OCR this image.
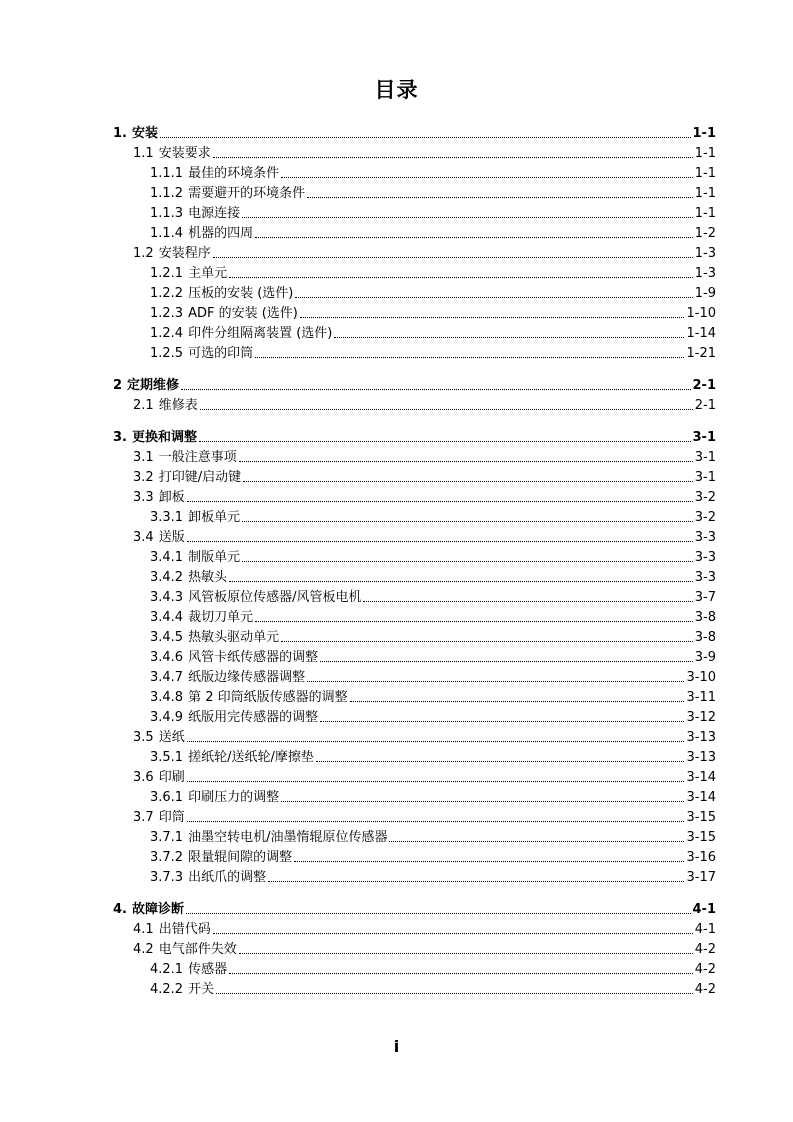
目录
1. 安装	1-1
1.1 安装要求	1-1
1.1.1 最佳的环境条件	1-1
1.1.2 需要避开的环境条件	1-1
1.1.3 电源连接	1-1
1.1.4 机器的四周	1-2
1.2 安装程序	1-3
1.2.1 主单元	1-3
1.2.2 压板的安装 (选件)	1-9
1.2.3 ADF 的安装 (选件)	1-10
1.2.4 印件分组隔离装置 (选件)	1-14
1.2.5 可选的印筒	1-21
2 定期维修	2-1
2.1 维修表	2-1
3. 更换和调整	3-1
3.1 一般注意事项	3-1
3.2 打印键/启动键	3-1
3.3 卸板	3-2
3.3.1 卸板单元	3-2
3.4 送版	3-3
3.4.1 制版单元	3-3
3.4.2 热敏头	3-3
3.4.3 风管板原位传感器/风管板电机	3-7
3.4.4 裁切刀单元	3-8
3.4.5 热敏头驱动单元	3-8
3.4.6 风管卡纸传感器的调整	3-9
3.4.7 纸版边缘传感器调整	3-10
3.4.8 第 2 印筒纸版传感器的调整	3-11
3.4.9 纸版用完传感器的调整	3-12
3.5 送纸	3-13
3.5.1 搓纸轮/送纸轮/摩擦垫	3-13
3.6 印刷	3-14
3.6.1 印刷压力的调整	3-14
3.7 印筒	3-15
3.7.1 油墨空转电机/油墨惰辊原位传感器	3-15
3.7.2 限量辊间隙的调整	3-16
3.7.3 出纸爪的调整	3-17
4. 故障诊断	4-1
4.1 出错代码	4-1
4.2 电气部件失效	4-2
4.2.1 传感器	4-2
4.2.2 开关	4-2
i
